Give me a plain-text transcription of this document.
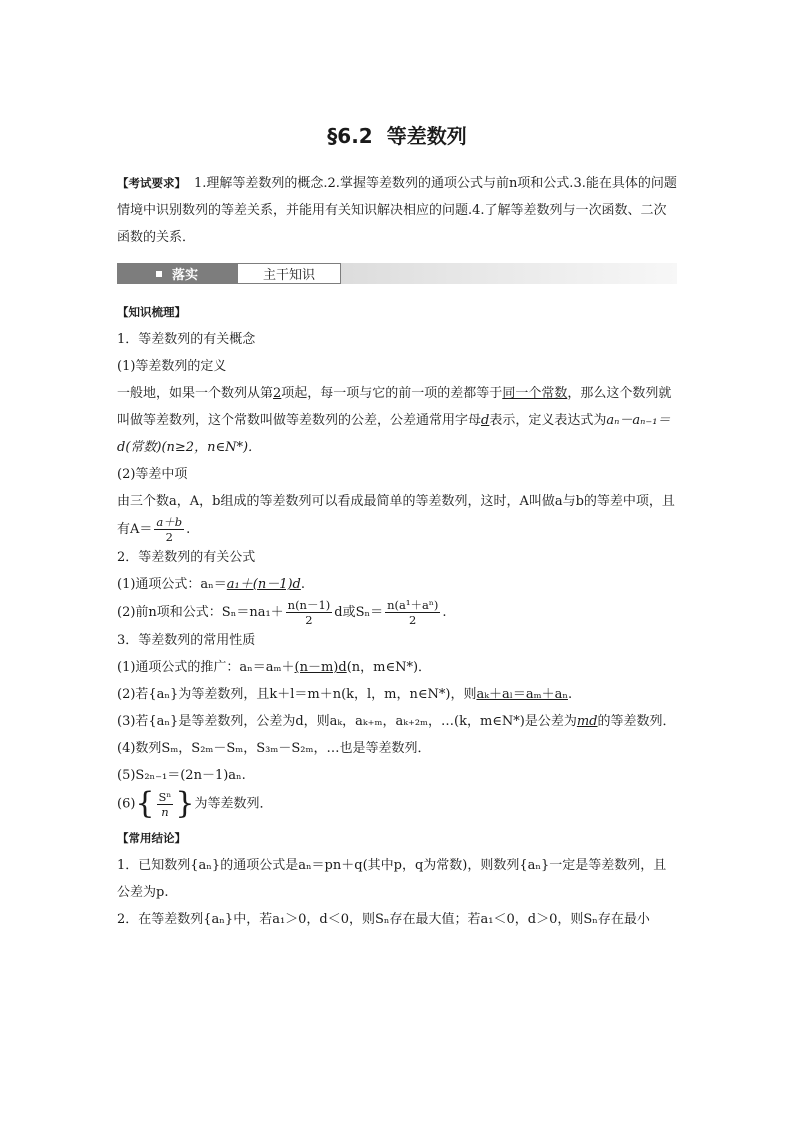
§6.2 等差数列
【考试要求】 1.理解等差数列的概念.2.掌握等差数列的通项公式与前n项和公式.3.能在具体的问题情境中识别数列的等差关系，并能用有关知识解决相应的问题.4.了解等差数列与一次函数、二次函数的关系．
落实	主干知识

【知识梳理】

1．等差数列的有关概念

(1)等差数列的定义

一般地，如果一个数列从第2项起，每一项与它的前一项的差都等于同一个常数，那么这个数列就叫做等差数列，这个常数叫做等差数列的公差，公差通常用字母d表示，定义表达式为aₙ－aₙ₋₁＝d(常数)(n≥2，n∈N*)．

(2)等差中项

由三个数a，A，b组成的等差数列可以看成最简单的等差数列，这时，A叫做a与b的等差中项，且有$A= \frac{a+b}{2}$ .

2．等差数列的有关公式

(1)通项公式：aₙ＝a₁＋(n－1)d.

(2)前n项和公式：$S_n=na_1+ \frac{n(n-1)}{2}$ d或$S_n= \frac{\text{n(a¹＋aⁿ)}}{2}$ .

3．等差数列的常用性质

(1)通项公式的推广：aₙ＝aₘ＋(n－m)d(n，m∈N*)．

(2)若{aₙ}为等差数列，且k＋l＝m＋n(k，l，m，n∈N*)，则aₖ＋aₗ＝aₘ＋aₙ.

(3)若{aₙ}是等差数列，公差为d，则aₖ，aₖ₊ₘ，aₖ₊₂ₘ，…(k，m∈N*)是公差为md的等差数列．

(4)数列Sₘ，S₂ₘ－Sₘ，S₃ₘ－S₂ₘ，…也是等差数列．

(5)S₂ₙ₋₁＝(2n－1)aₙ.

$(6)\{ \frac{\text{Sⁿ}}{n}$ }为等差数列．

【常用结论】

1．已知数列{aₙ}的通项公式是aₙ＝pn＋q(其中p，q为常数)，则数列{aₙ}一定是等差数列，且公差为p.

2．在等差数列{aₙ}中，若a₁＞0，d＜0，则Sₙ存在最大值；若a₁＜0，d＞0，则Sₙ存在最小
